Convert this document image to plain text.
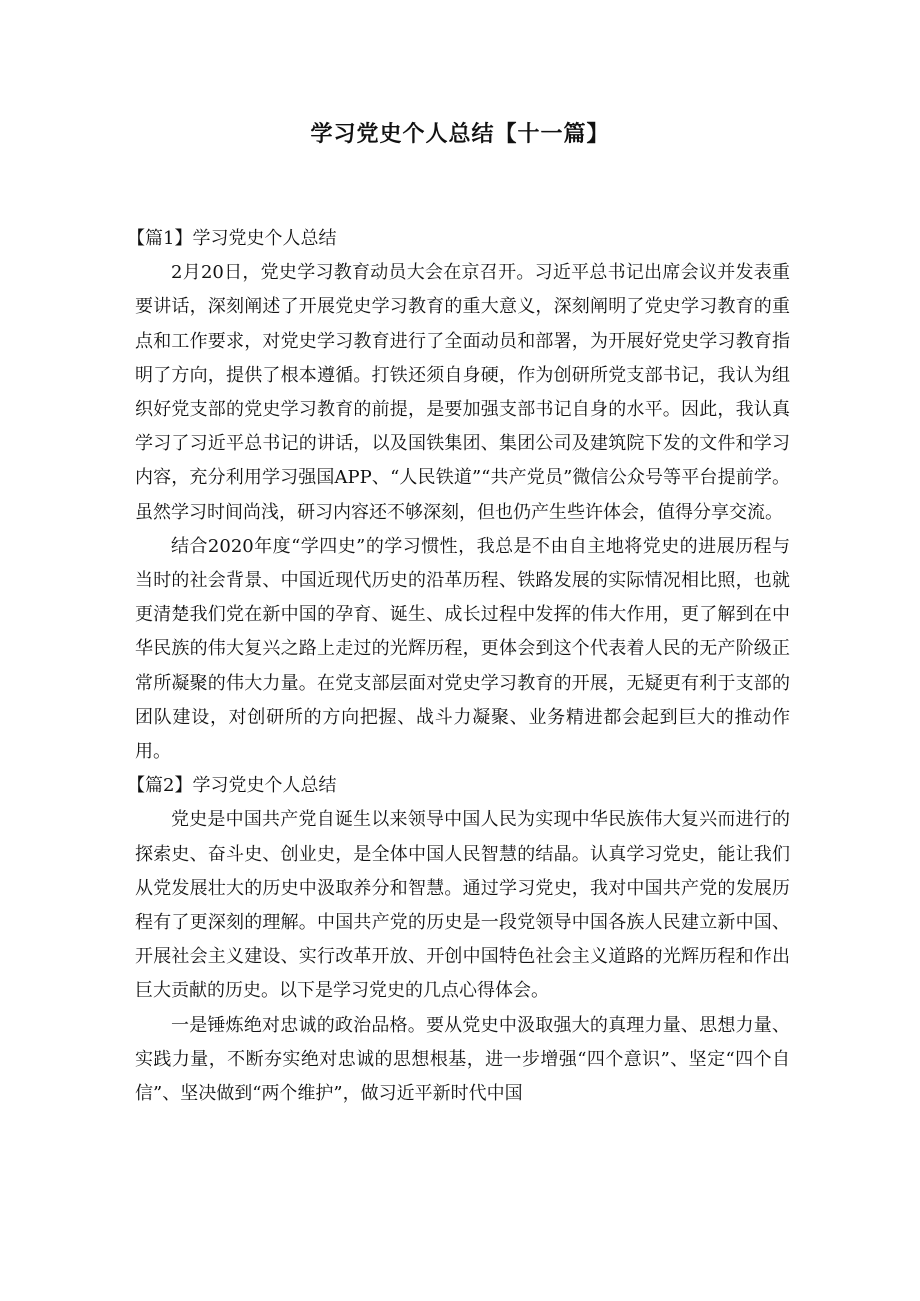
学习党史个人总结【十一篇】
【篇1】学习党史个人总结

2月20日，党史学习教育动员大会在京召开。习近平总书记出席会议并发表重要讲话，深刻阐述了开展党史学习教育的重大意义，深刻阐明了党史学习教育的重点和工作要求，对党史学习教育进行了全面动员和部署，为开展好党史学习教育指明了方向，提供了根本遵循。打铁还须自身硬，作为创研所党支部书记，我认为组织好党支部的党史学习教育的前提，是要加强支部书记自身的水平。因此，我认真学习了习近平总书记的讲话，以及国铁集团、集团公司及建筑院下发的文件和学习内容，充分利用学习强国APP、“人民铁道”“共产党员”微信公众号等平台提前学。虽然学习时间尚浅，研习内容还不够深刻，但也仍产生些许体会，值得分享交流。

结合2020年度“学四史”的学习惯性，我总是不由自主地将党史的进展历程与当时的社会背景、中国近现代历史的沿革历程、铁路发展的实际情况相比照，也就更清楚我们党在新中国的孕育、诞生、成长过程中发挥的伟大作用，更了解到在中华民族的伟大复兴之路上走过的光辉历程，更体会到这个代表着人民的无产阶级正常所凝聚的伟大力量。在党支部层面对党史学习教育的开展，无疑更有利于支部的团队建设，对创研所的方向把握、战斗力凝聚、业务精进都会起到巨大的推动作用。

【篇2】学习党史个人总结

党史是中国共产党自诞生以来领导中国人民为实现中华民族伟大复兴而进行的探索史、奋斗史、创业史，是全体中国人民智慧的结晶。认真学习党史，能让我们从党发展壮大的历史中汲取养分和智慧。通过学习党史，我对中国共产党的发展历程有了更深刻的理解。中国共产党的历史是一段党领导中国各族人民建立新中国、开展社会主义建设、实行改革开放、开创中国特色社会主义道路的光辉历程和作出巨大贡献的历史。以下是学习党史的几点心得体会。

一是锤炼绝对忠诚的政治品格。要从党史中汲取强大的真理力量、思想力量、实践力量，不断夯实绝对忠诚的思想根基，进一步增强“四个意识”、坚定“四个自信”、坚决做到“两个维护”，做习近平新时代中国
